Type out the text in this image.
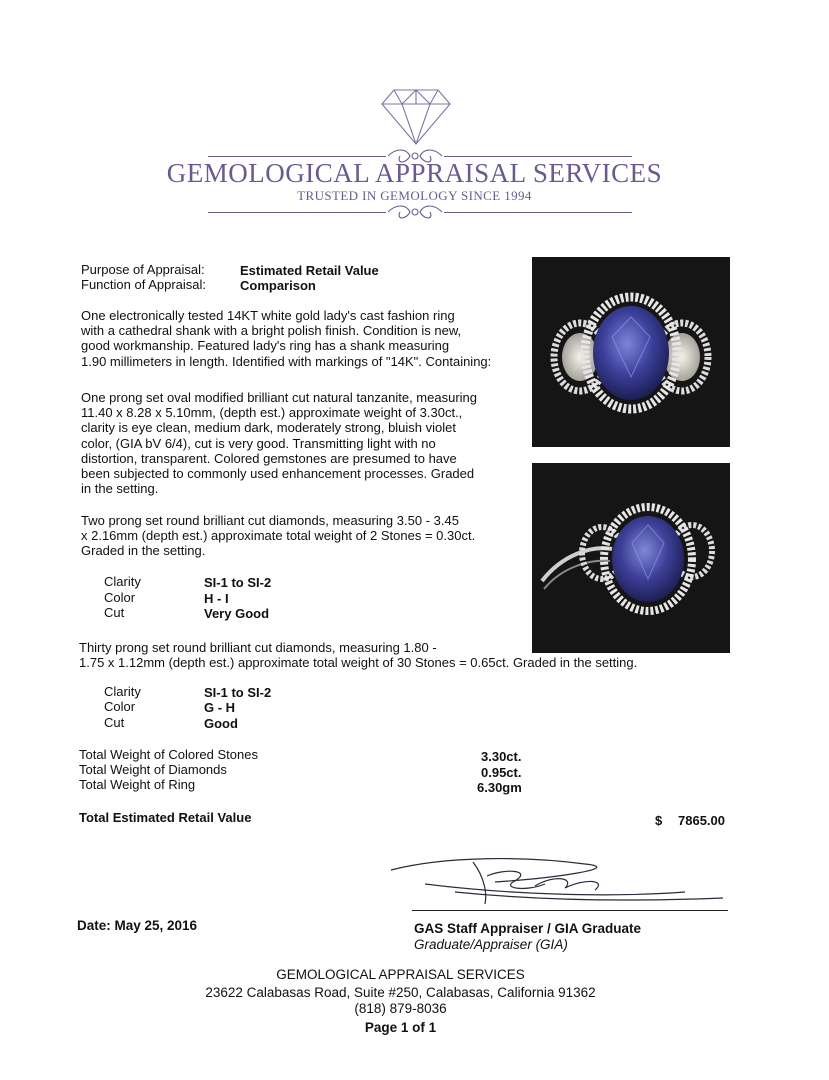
GEMOLOGICAL APPRAISAL SERVICES
TRUSTED IN GEMOLOGY SINCE 1994
Purpose of Appraisal:	Estimated Retail Value
Function of Appraisal:	Comparison
One electronically tested 14KT white gold lady's cast fashion ring
with a cathedral shank with a bright polish finish. Condition is new,
good workmanship. Featured lady's ring has a shank measuring
1.90 millimeters in length. Identified with markings of "14K". Containing:
One prong set oval modified brilliant cut natural tanzanite, measuring
11.40 x 8.28 x 5.10mm, (depth est.) approximate weight of 3.30ct.,
clarity is eye clean, medium dark, moderately strong, bluish violet
color, (GIA bV 6/4), cut is very good. Transmitting light with no
distortion, transparent. Colored gemstones are presumed to have
been subjected to commonly used enhancement processes. Graded
in the setting.
Two prong set round brilliant cut diamonds, measuring 3.50 - 3.45
x 2.16mm (depth est.) approximate total weight of 2 Stones = 0.30ct.
Graded in the setting.
Clarity	SI-1 to SI-2
Color	H - I
Cut	Very Good
Thirty prong set round brilliant cut diamonds, measuring 1.80 -
1.75 x 1.12mm (depth est.) approximate total weight of 30 Stones = 0.65ct. Graded in the setting.
Clarity	SI-1 to SI-2
Color	G - H
Cut	Good
Total Weight of Colored Stones	3.30ct.
Total Weight of Diamonds	0.95ct.
Total Weight of Ring	6.30gm
Total Estimated Retail Value	$ 7865.00
Date: May 25, 2016	GAS Staff Appraiser / GIA Graduate
Graduate/Appraiser (GIA)
GEMOLOGICAL APPRAISAL SERVICES
23622 Calabasas Road, Suite #250, Calabasas, California 91362
(818) 879-8036
Page 1 of 1
